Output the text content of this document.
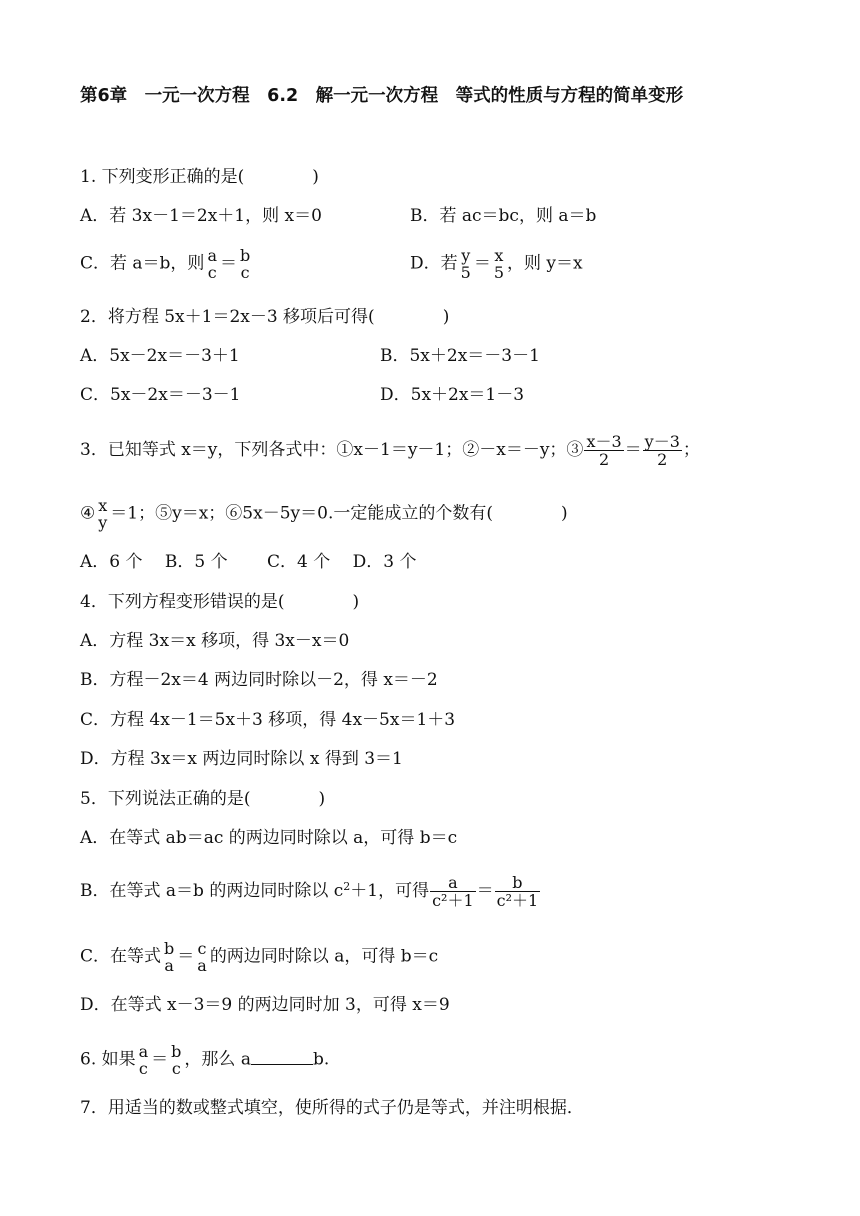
第6章　一元一次方程　6.2　解一元一次方程　等式的性质与方程的简单变形
1. 下列变形正确的是(　　　　)
A．若 3x－1＝2x＋1，则 x＝0	B．若 ac＝bc，则 a＝b
C．若 a＝b，则 a
c ＝ b
c	D．若 y
5 ＝ x
5 ，则 y＝x
2．将方程 5x＋1＝2x－3 移项后可得(　　　　)
A．5x－2x＝－3＋1	B．5x＋2x＝－3－1
C．5x－2x＝－3－1	D．5x＋2x＝1－3
3．已知等式 x＝y，下列各式中：①x－1＝y－1；②－x＝－y；③ $\frac{x-3}{2} = \frac{y-3}{2}$ ；
④ x
y ＝1；⑤y＝x；⑥5x－5y＝0.一定能成立的个数有(　　　　)
A．6 个　 B．5 个　　 C．4 个　 D．3 个
4．下列方程变形错误的是(　　　　)
A．方程 3x＝x 移项，得 3x－x＝0
B．方程－2x＝4 两边同时除以－2，得 x＝－2
C．方程 4x－1＝5x＋3 移项，得 4x－5x＝1＋3
D．方程 3x＝x 两边同时除以 x 得到 3＝1
5．下列说法正确的是(　　　　)
A．在等式 ab＝ac 的两边同时除以 a，可得 b＝c
B．在等式 a＝b 的两边同时除以 $c^2+1$，可得 $\frac{a}{\text{c²＋1}} = \frac{b}{\text{c²＋1}}$
C．在等式 b
a ＝ c
a 的两边同时除以 a，可得 b＝c
D．在等式 x－3＝9 的两边同时加 3，可得 x＝9
6. 如果 a
c ＝ b
c ，那么 a	b.
7．用适当的数或整式填空，使所得的式子仍是等式，并注明根据．
